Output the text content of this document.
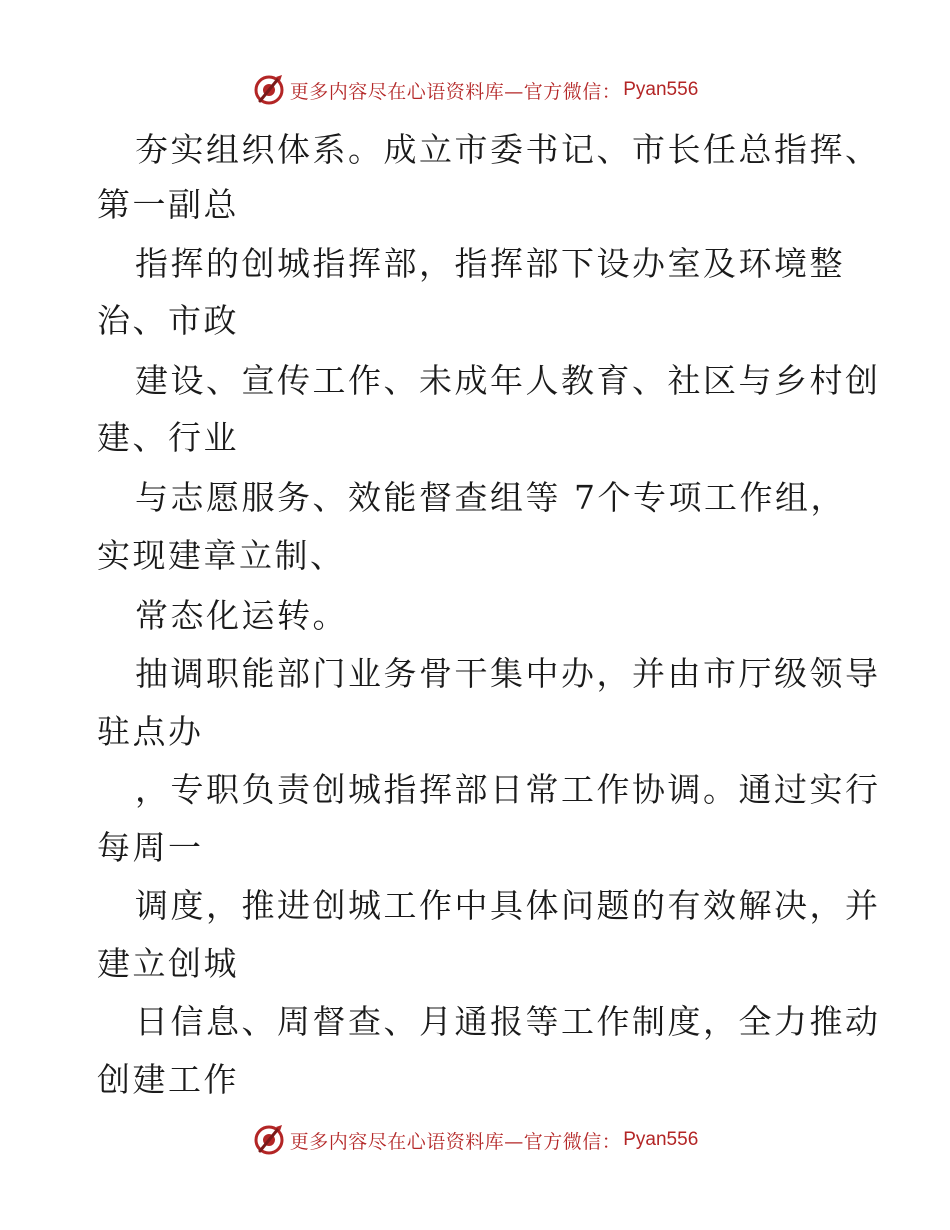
更多内容尽在心语资料库—官方微信： Pyan556
夯实组织体系。成立市委书记、市长任总指挥、
第一副总
指挥的创城指挥部，指挥部下设办室及环境整
治、市政
建设、宣传工作、未成年人教育、社区与乡村创
建、行业
与志愿服务、效能督查组等 7个专项工作组，
实现建章立制、
常态化运转。
抽调职能部门业务骨干集中办，并由市厅级领导
驻点办
，专职负责创城指挥部日常工作协调。通过实行
每周一
调度，推进创城工作中具体问题的有效解决，并
建立创城
日信息、周督查、月通报等工作制度，全力推动
创建工作
更多内容尽在心语资料库—官方微信： Pyan556
